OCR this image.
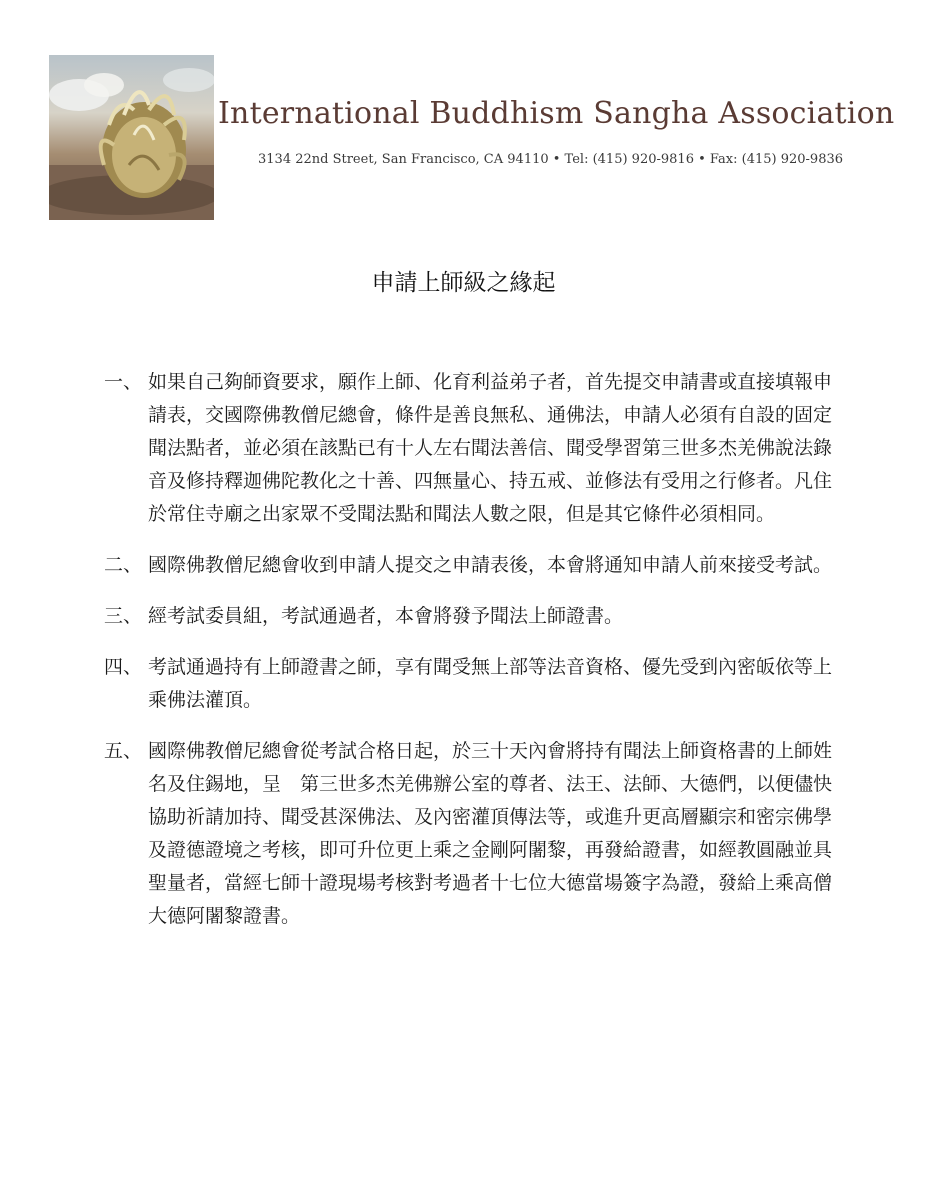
International Buddhism Sangha Association
3134 22nd Street, San Francisco, CA 94110 • Tel: (415) 920-9816 • Fax: (415) 920-9836
申請上師級之緣起
一、 如果自己夠師資要求，願作上師、化育利益弟子者，首先提交申請書或直接填報申請表，交國際佛教僧尼總會，條件是善良無私、通佛法，申請人必須有自設的固定聞法點者，並必須在該點已有十人左右聞法善信、聞受學習第三世多杰羌佛說法錄音及修持釋迦佛陀教化之十善、四無量心、持五戒、並修法有受用之行修者。凡住於常住寺廟之出家眾不受聞法點和聞法人數之限，但是其它條件必須相同。
二、 國際佛教僧尼總會收到申請人提交之申請表後，本會將通知申請人前來接受考試。
三、 經考試委員組，考試通過者，本會將發予聞法上師證書。
四、 考試通過持有上師證書之師，享有聞受無上部等法音資格、優先受到內密皈依等上乘佛法灌頂。
五、 國際佛教僧尼總會從考試合格日起，於三十天內會將持有聞法上師資格書的上師姓名及住錫地，呈　第三世多杰羌佛辦公室的尊者、法王、法師、大德們，以便儘快協助祈請加持、聞受甚深佛法、及內密灌頂傳法等，或進升更高層顯宗和密宗佛學及證德證境之考核，即可升位更上乘之金剛阿闍黎，再發給證書，如經教圓融並具聖量者，當經七師十證現場考核對考過者十七位大德當場簽字為證，發給上乘高僧大德阿闍黎證書。
